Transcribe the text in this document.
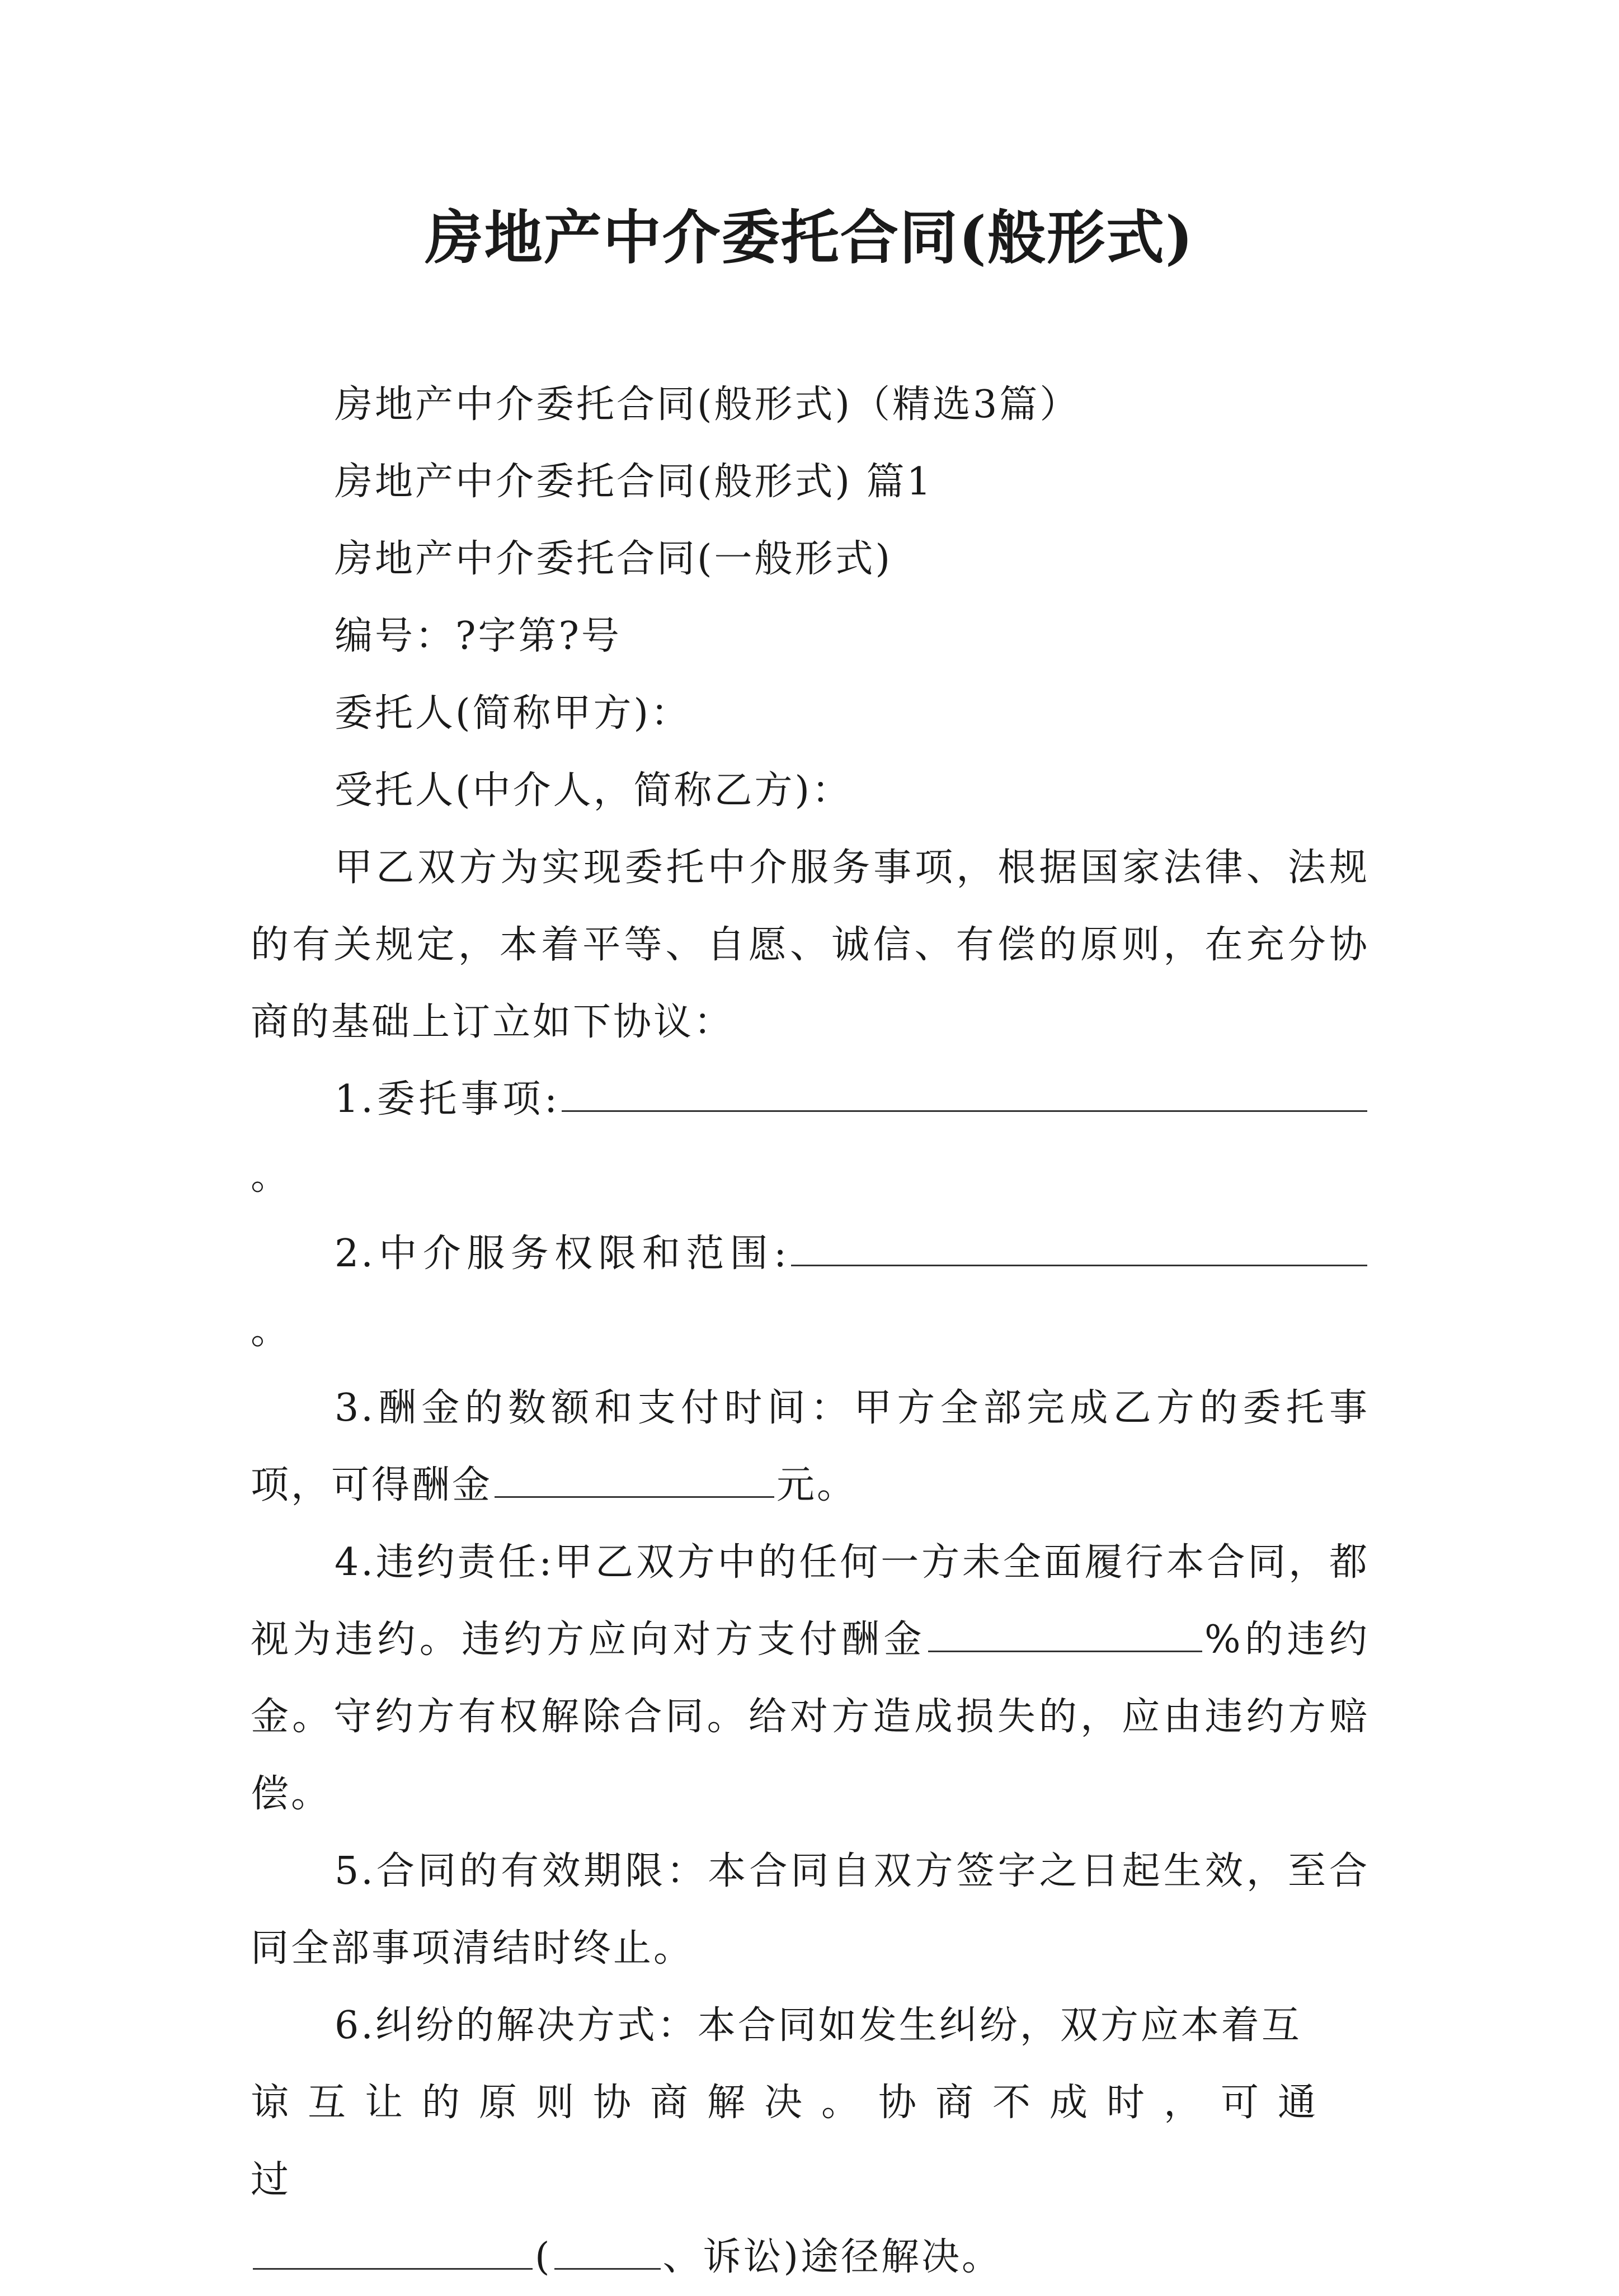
房地产中介委托合同(般形式)

房地产中介委托合同(般形式)（精选3篇）

房地产中介委托合同(般形式) 篇1

房地产中介委托合同(一般形式)

编号：?字第?号

委托人(简称甲方)：

受托人(中介人，简称乙方)：

甲乙双方为实现委托中介服务事项，根据国家法律、法规的有关规定，本着平等、自愿、诚信、有偿的原则，在充分协商的基础上订立如下协议：

1.委托事项:。

2.中介服务权限和范围:。

3.酬金的数额和支付时间：甲方全部完成乙方的委托事项，可得酬金	元。

4.违约责任:甲乙双方中的任何一方未全面履行本合同，都视为违约。违约方应向对方支付酬金	%的违约金。守约方有权解除合同。给对方造成损失的，应由违约方赔偿。

5.合同的有效期限：本合同自双方签字之日起生效，至合同全部事项清结时终止。

6.纠纷的解决方式：本合同如发生纠纷，双方应本着互

谅互让的原则协商解决。协商不成时，可通过

(	、诉讼)途径解决。
